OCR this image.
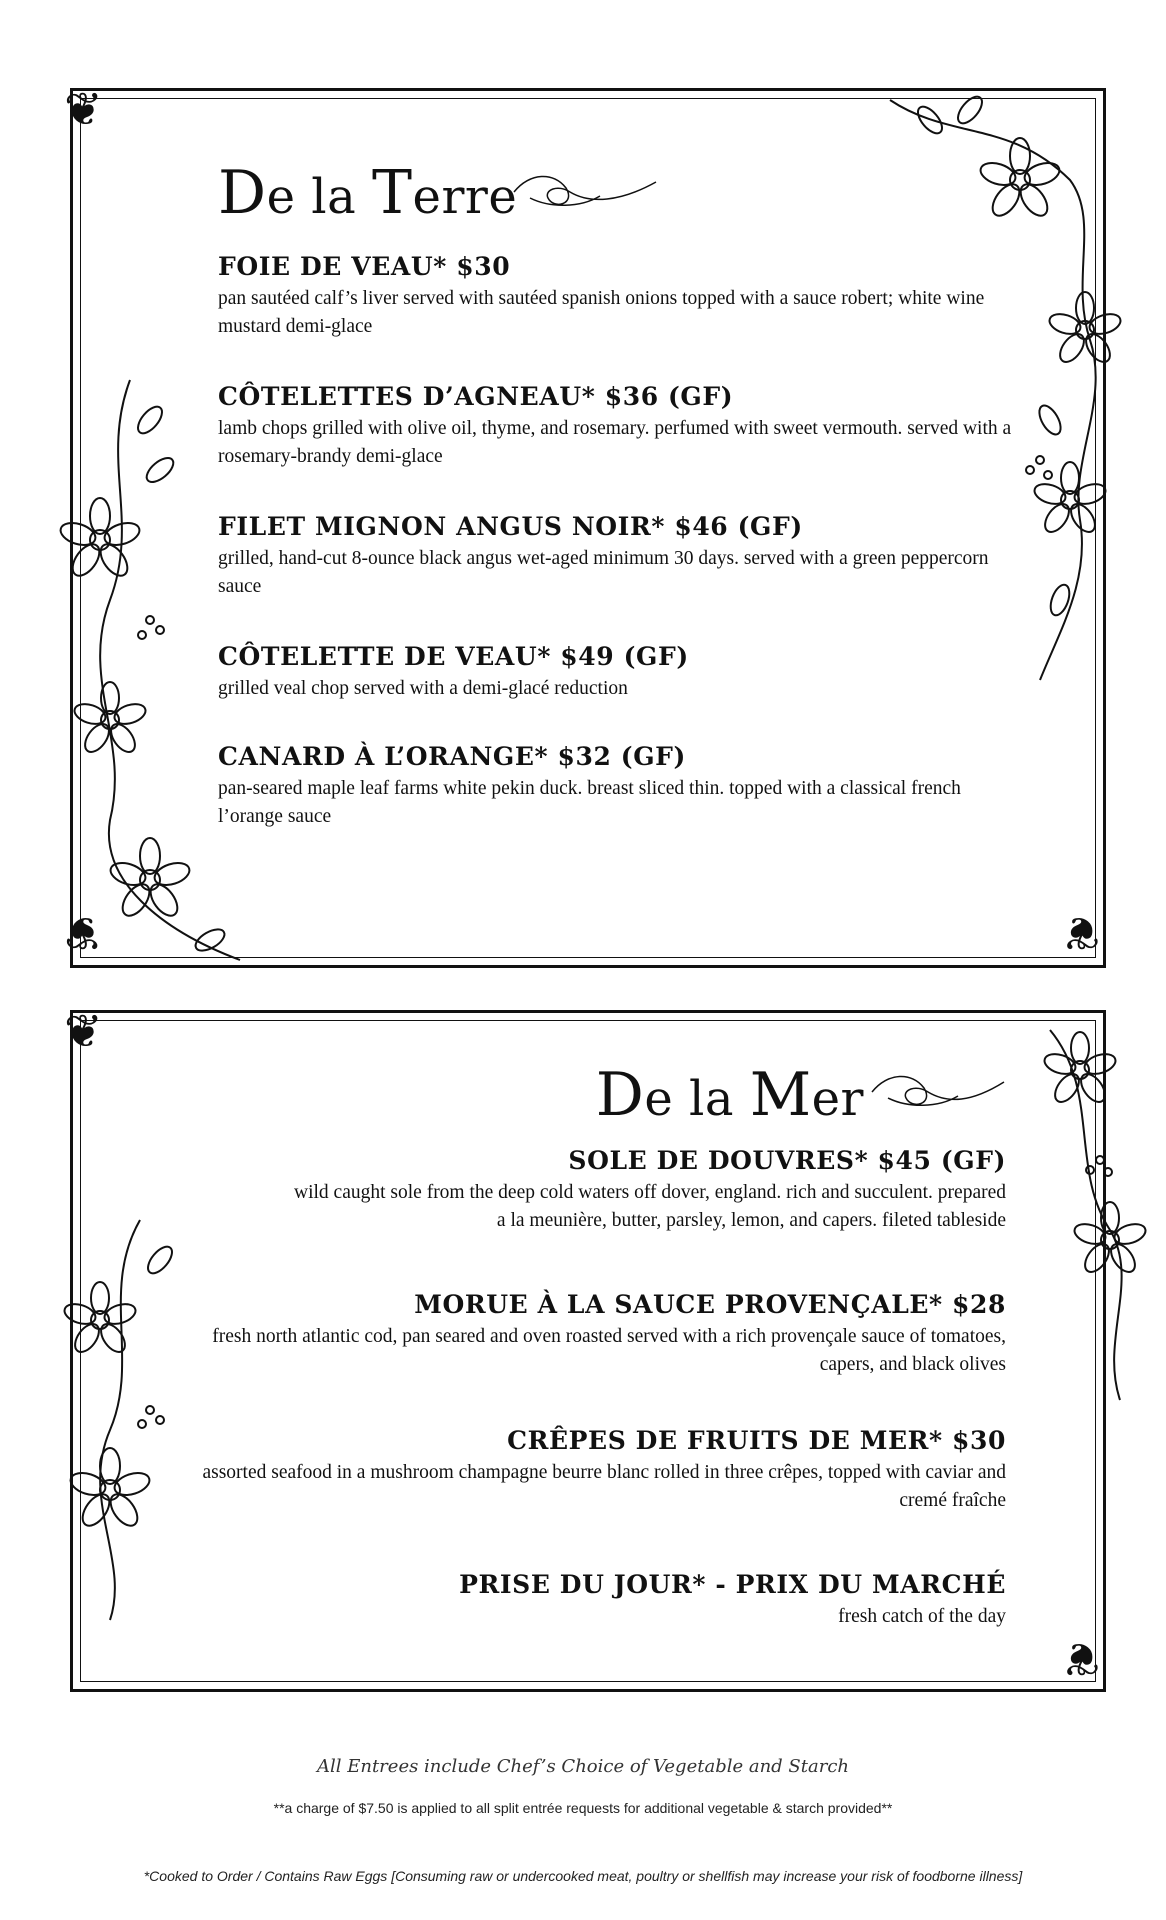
❦
❦
❦
❦
❦
De la Terre
FOIE DE VEAU* $30
pan sautéed calf’s liver served with sautéed spanish onions topped with a sauce robert; white wine mustard demi-glace
CÔTELETTES D’AGNEAU* $36 (GF)
lamb chops grilled with olive oil, thyme, and rosemary. perfumed with sweet vermouth. served with a rosemary-brandy demi-glace
FILET MIGNON ANGUS NOIR* $46 (GF)
grilled, hand-cut 8-ounce black angus wet-aged minimum 30 days. served with a green peppercorn sauce
CÔTELETTE DE VEAU* $49 (GF)
grilled veal chop served with a demi-glacé reduction
CANARD À L’ORANGE* $32 (GF)
pan-seared maple leaf farms white pekin duck. breast sliced thin. topped with a classical french l’orange sauce
De la Mer
SOLE DE DOUVRES* $45 (GF)
wild caught sole from the deep cold waters off dover, england. rich and succulent. prepared a la meunière, butter, parsley, lemon, and capers. fileted tableside
MORUE À LA SAUCE PROVENÇALE* $28
fresh north atlantic cod, pan seared and oven roasted served with a rich provençale sauce of tomatoes, capers, and black olives
CRÊPES DE FRUITS DE MER* $30
assorted seafood in a mushroom champagne beurre blanc rolled in three crêpes, topped with caviar and cremé fraîche
PRISE DU JOUR* - PRIX DU MARCHÉ
fresh catch of the day
All Entrees include Chef’s Choice of Vegetable and Starch
**a charge of $7.50 is applied to all split entrée requests for additional vegetable & starch provided**
*Cooked to Order / Contains Raw Eggs [Consuming raw or undercooked meat, poultry or shellfish may increase your risk of foodborne illness]
